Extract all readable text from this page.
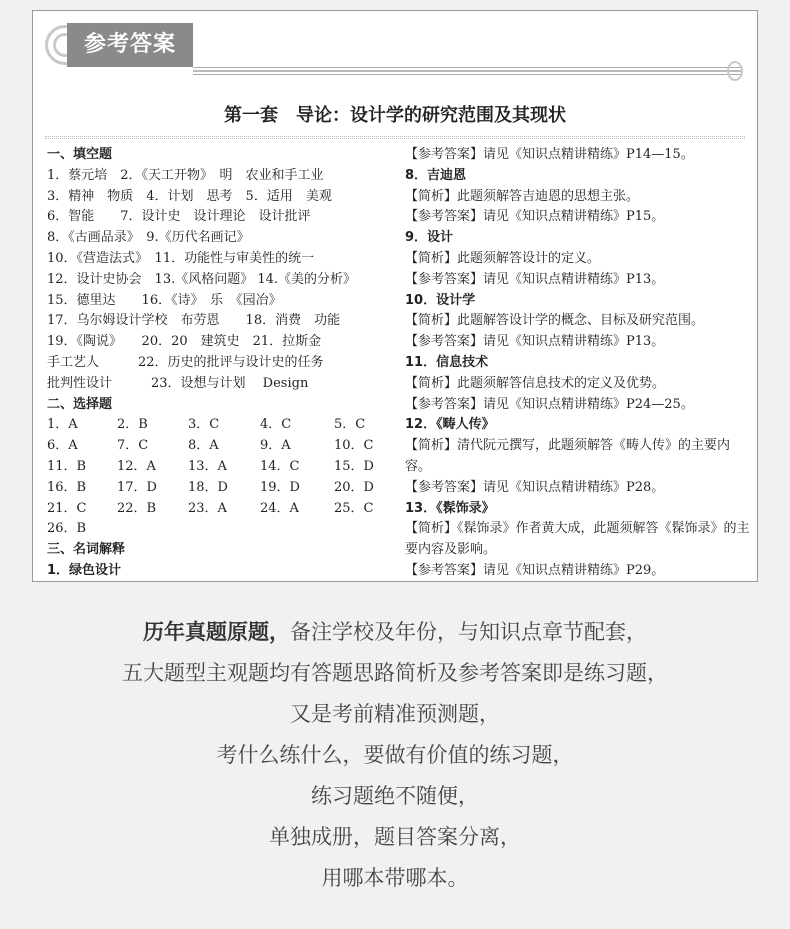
参考答案
第一套　导论：设计学的研究范围及其现状
一、填空题
1．蔡元培　2．《天工开物》　明　农业和手工业
3．精神　物质　4．计划　思考　5．适用　美观
6．智能　　7．设计史　设计理论　设计批评
8．《古画品录》　9.《历代名画记》
10．《营造法式》　11．功能性与审美性的统一
12．设计史协会　13.《风格问题》 14.《美的分析》
15．德里达　　16．《诗》　乐　《园冶》
17．乌尔姆设计学校　布劳恩　　18．消费　功能
19．《陶说》　　20．20　建筑史　21．拉斯金
手工艺人　　　22．历史的批评与设计史的任务
批判性设计　　　23．设想与计划　 Design
二、选择题
1．A	2．B	3．C	4．C	5．C
6．A	7．C	8．A	9．A	10．C
11．B	12．A	13．A	14．C	15．D
16．B	17．D	18．D	19．D	20．D
21．C	22．B	23．A	24．A	25．C
26．B
三、名词解释
1．绿色设计
【参考答案】请见《知识点精讲精练》P14—15。
8．吉迪恩
【简析】此题须解答吉迪恩的思想主张。
【参考答案】请见《知识点精讲精练》P15。
9．设计
【简析】此题须解答设计的定义。
【参考答案】请见《知识点精讲精练》P13。
10．设计学
【简析】此题解答设计学的概念、目标及研究范围。
【参考答案】请见《知识点精讲精练》P13。
11．信息技术
【简析】此题须解答信息技术的定义及优势。
【参考答案】请见《知识点精讲精练》P24—25。
12．《畴人传》
【简析】清代阮元撰写，此题须解答《畴人传》的主要内容。
【参考答案】请见《知识点精讲精练》P28。
13．《髹饰录》
【简析】《髹饰录》作者黄大成，此题须解答《髹饰录》的主要内容及影响。
【参考答案】请见《知识点精讲精练》P29。
历年真题原题，备注学校及年份，与知识点章节配套，
五大题型主观题均有答题思路简析及参考答案即是练习题，
又是考前精准预测题，
考什么练什么，要做有价值的练习题，
练习题绝不随便，
单独成册，题目答案分离，
用哪本带哪本。
